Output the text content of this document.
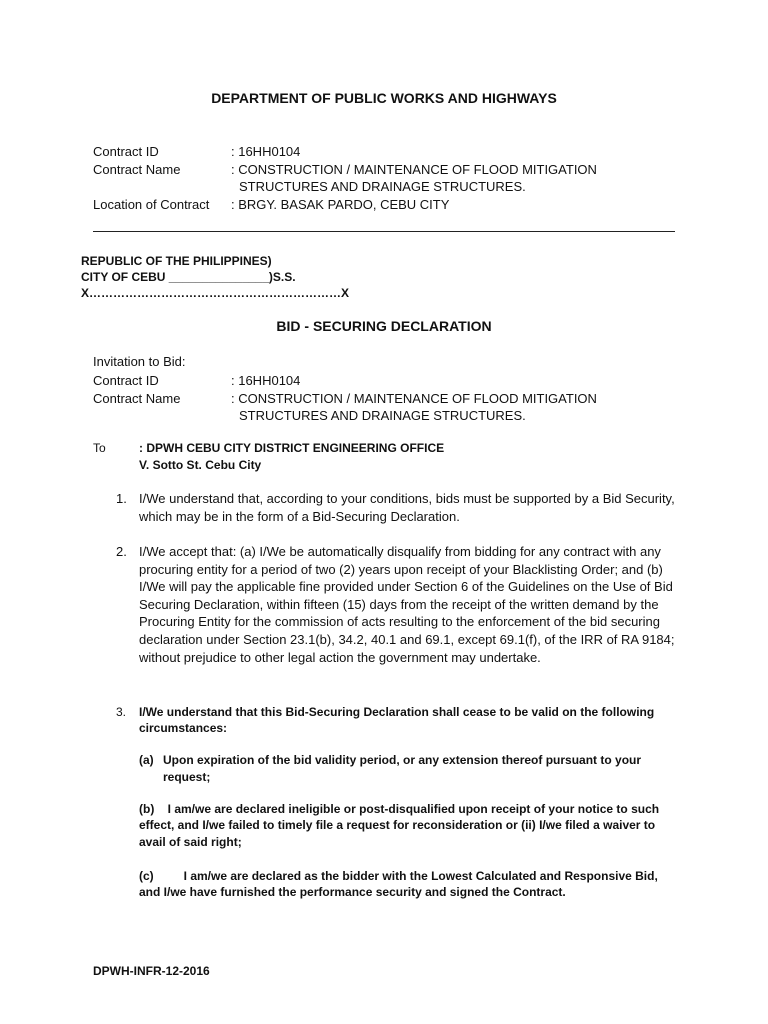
DEPARTMENT OF PUBLIC WORKS AND HIGHWAYS
Contract ID	: 16HH0104
Contract Name	: CONSTRUCTION / MAINTENANCE OF FLOOD MITIGATION
STRUCTURES AND DRAINAGE STRUCTURES.
Location of Contract : BRGY. BASAK PARDO, CEBU CITY
REPUBLIC OF THE PHILIPPINES)
CITY OF CEBU _______________)S.S.
X………………………………………………………X
BID - SECURING DECLARATION
Invitation to Bid:
Contract ID	: 16HH0104
Contract Name	: CONSTRUCTION / MAINTENANCE OF FLOOD MITIGATION
STRUCTURES AND DRAINAGE STRUCTURES.
To	: DPWH CEBU CITY DISTRICT ENGINEERING OFFICE
V. Sotto St. Cebu City
1. I/We understand that, according to your conditions, bids must be supported by a Bid Security, which may be in the form of a Bid-Securing Declaration.
2. I/We accept that: (a) I/We be automatically disqualify from bidding for any contract with any procuring entity for a period of two (2) years upon receipt of your Blacklisting Order; and (b) I/We will pay the applicable fine provided under Section 6 of the Guidelines on the Use of Bid Securing Declaration, within fifteen (15) days from the receipt of the written demand by the Procuring Entity for the commission of acts resulting to the enforcement of the bid securing declaration under Section 23.1(b), 34.2, 40.1 and 69.1, except 69.1(f), of the IRR of RA 9184; without prejudice to other legal action the government may undertake.
3. I/We understand that this Bid-Securing Declaration shall cease to be valid on the following circumstances:
(a) Upon expiration of the bid validity period, or any extension thereof pursuant to your
request;
(b)    I am/we are declared ineligible or post-disqualified upon receipt of your notice to such effect, and I/we failed to timely file a request for reconsideration or (ii) I/we filed a waiver to avail of said right;
(c)         I am/we are declared as the bidder with the Lowest Calculated and Responsive Bid, and I/we have furnished the performance security and signed the Contract.
DPWH-INFR-12-2016
